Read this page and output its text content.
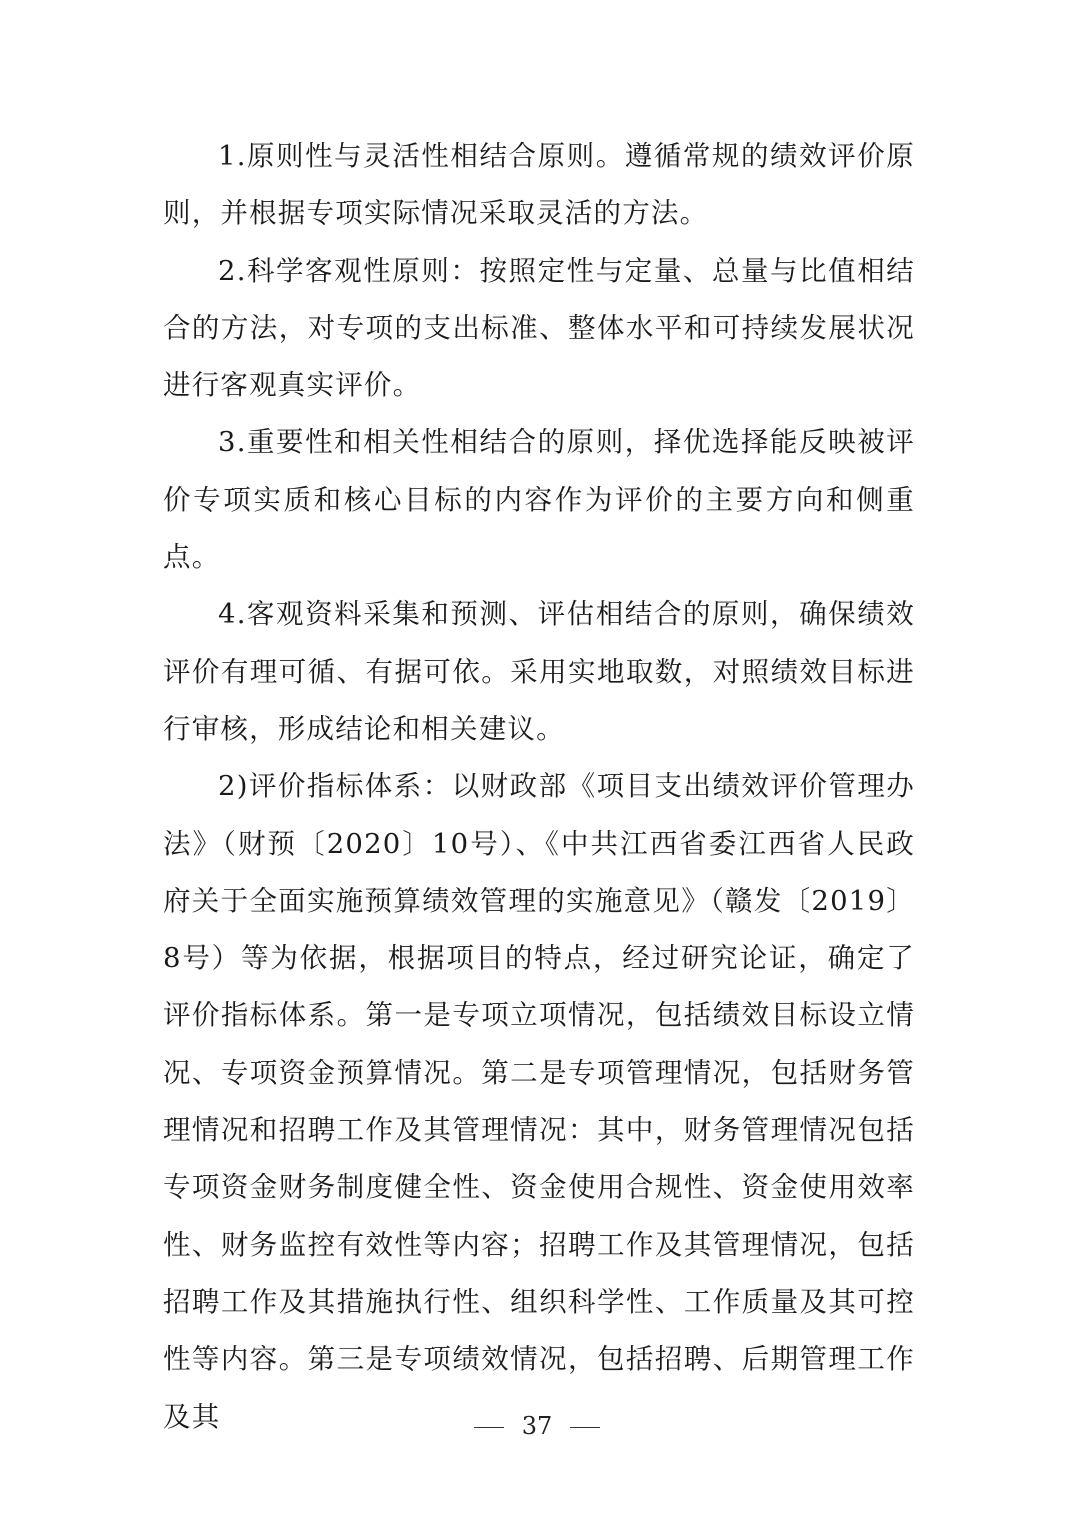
1.原则性与灵活性相结合原则。遵循常规的绩效评价原则，并根据专项实际情况采取灵活的方法。

2.科学客观性原则：按照定性与定量、总量与比值相结合的方法，对专项的支出标准、整体水平和可持续发展状况进行客观真实评价。

3.重要性和相关性相结合的原则，择优选择能反映被评价专项实质和核心目标的内容作为评价的主要方向和侧重点。

4.客观资料采集和预测、评估相结合的原则，确保绩效评价有理可循、有据可依。采用实地取数，对照绩效目标进行审核，形成结论和相关建议。

2)评价指标体系：以财政部《项目支出绩效评价管理办法》（财预〔2020〕10号）、《中共江西省委江西省人民政府关于全面实施预算绩效管理的实施意见》（赣发〔2019〕8号）等为依据，根据项目的特点，经过研究论证，确定了评价指标体系。第一是专项立项情况，包括绩效目标设立情况、专项资金预算情况。第二是专项管理情况，包括财务管理情况和招聘工作及其管理情况：其中，财务管理情况包括专项资金财务制度健全性、资金使用合规性、资金使用效率性、财务监控有效性等内容；招聘工作及其管理情况，包括招聘工作及其措施执行性、组织科学性、工作质量及其可控性等内容。第三是专项绩效情况，包括招聘、后期管理工作及其	37
